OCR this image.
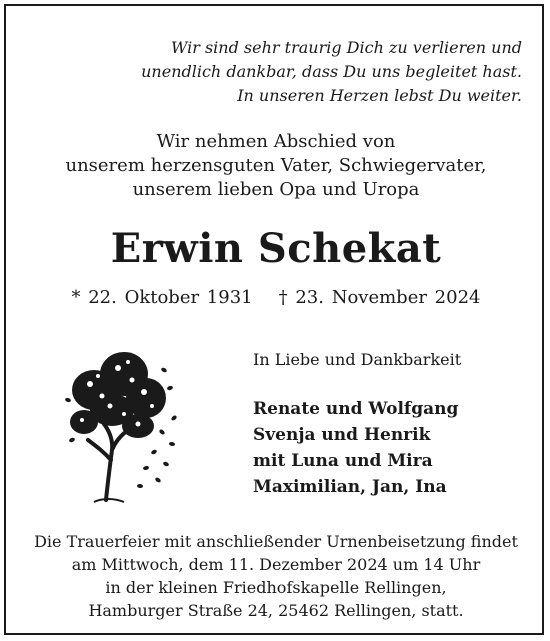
Wir sind sehr traurig Dich zu verlieren und
unendlich dankbar, dass Du uns begleitet hast.
In unseren Herzen lebst Du weiter.
Wir nehmen Abschied von
unserem herzensguten Vater, Schwiegervater,
unserem lieben Opa und Uropa
Erwin Schekat
* 22. Oktober 1931 † 23. November 2024
In Liebe und Dankbarkeit
Renate und Wolfgang
Svenja und Henrik
mit Luna und Mira
Maximilian, Jan, Ina
Die Trauerfeier mit anschließender Urnenbeisetzung findet
am Mittwoch, dem 11. Dezember 2024 um 14 Uhr
in der kleinen Friedhofskapelle Rellingen,
Hamburger Straße 24, 25462 Rellingen, statt.
